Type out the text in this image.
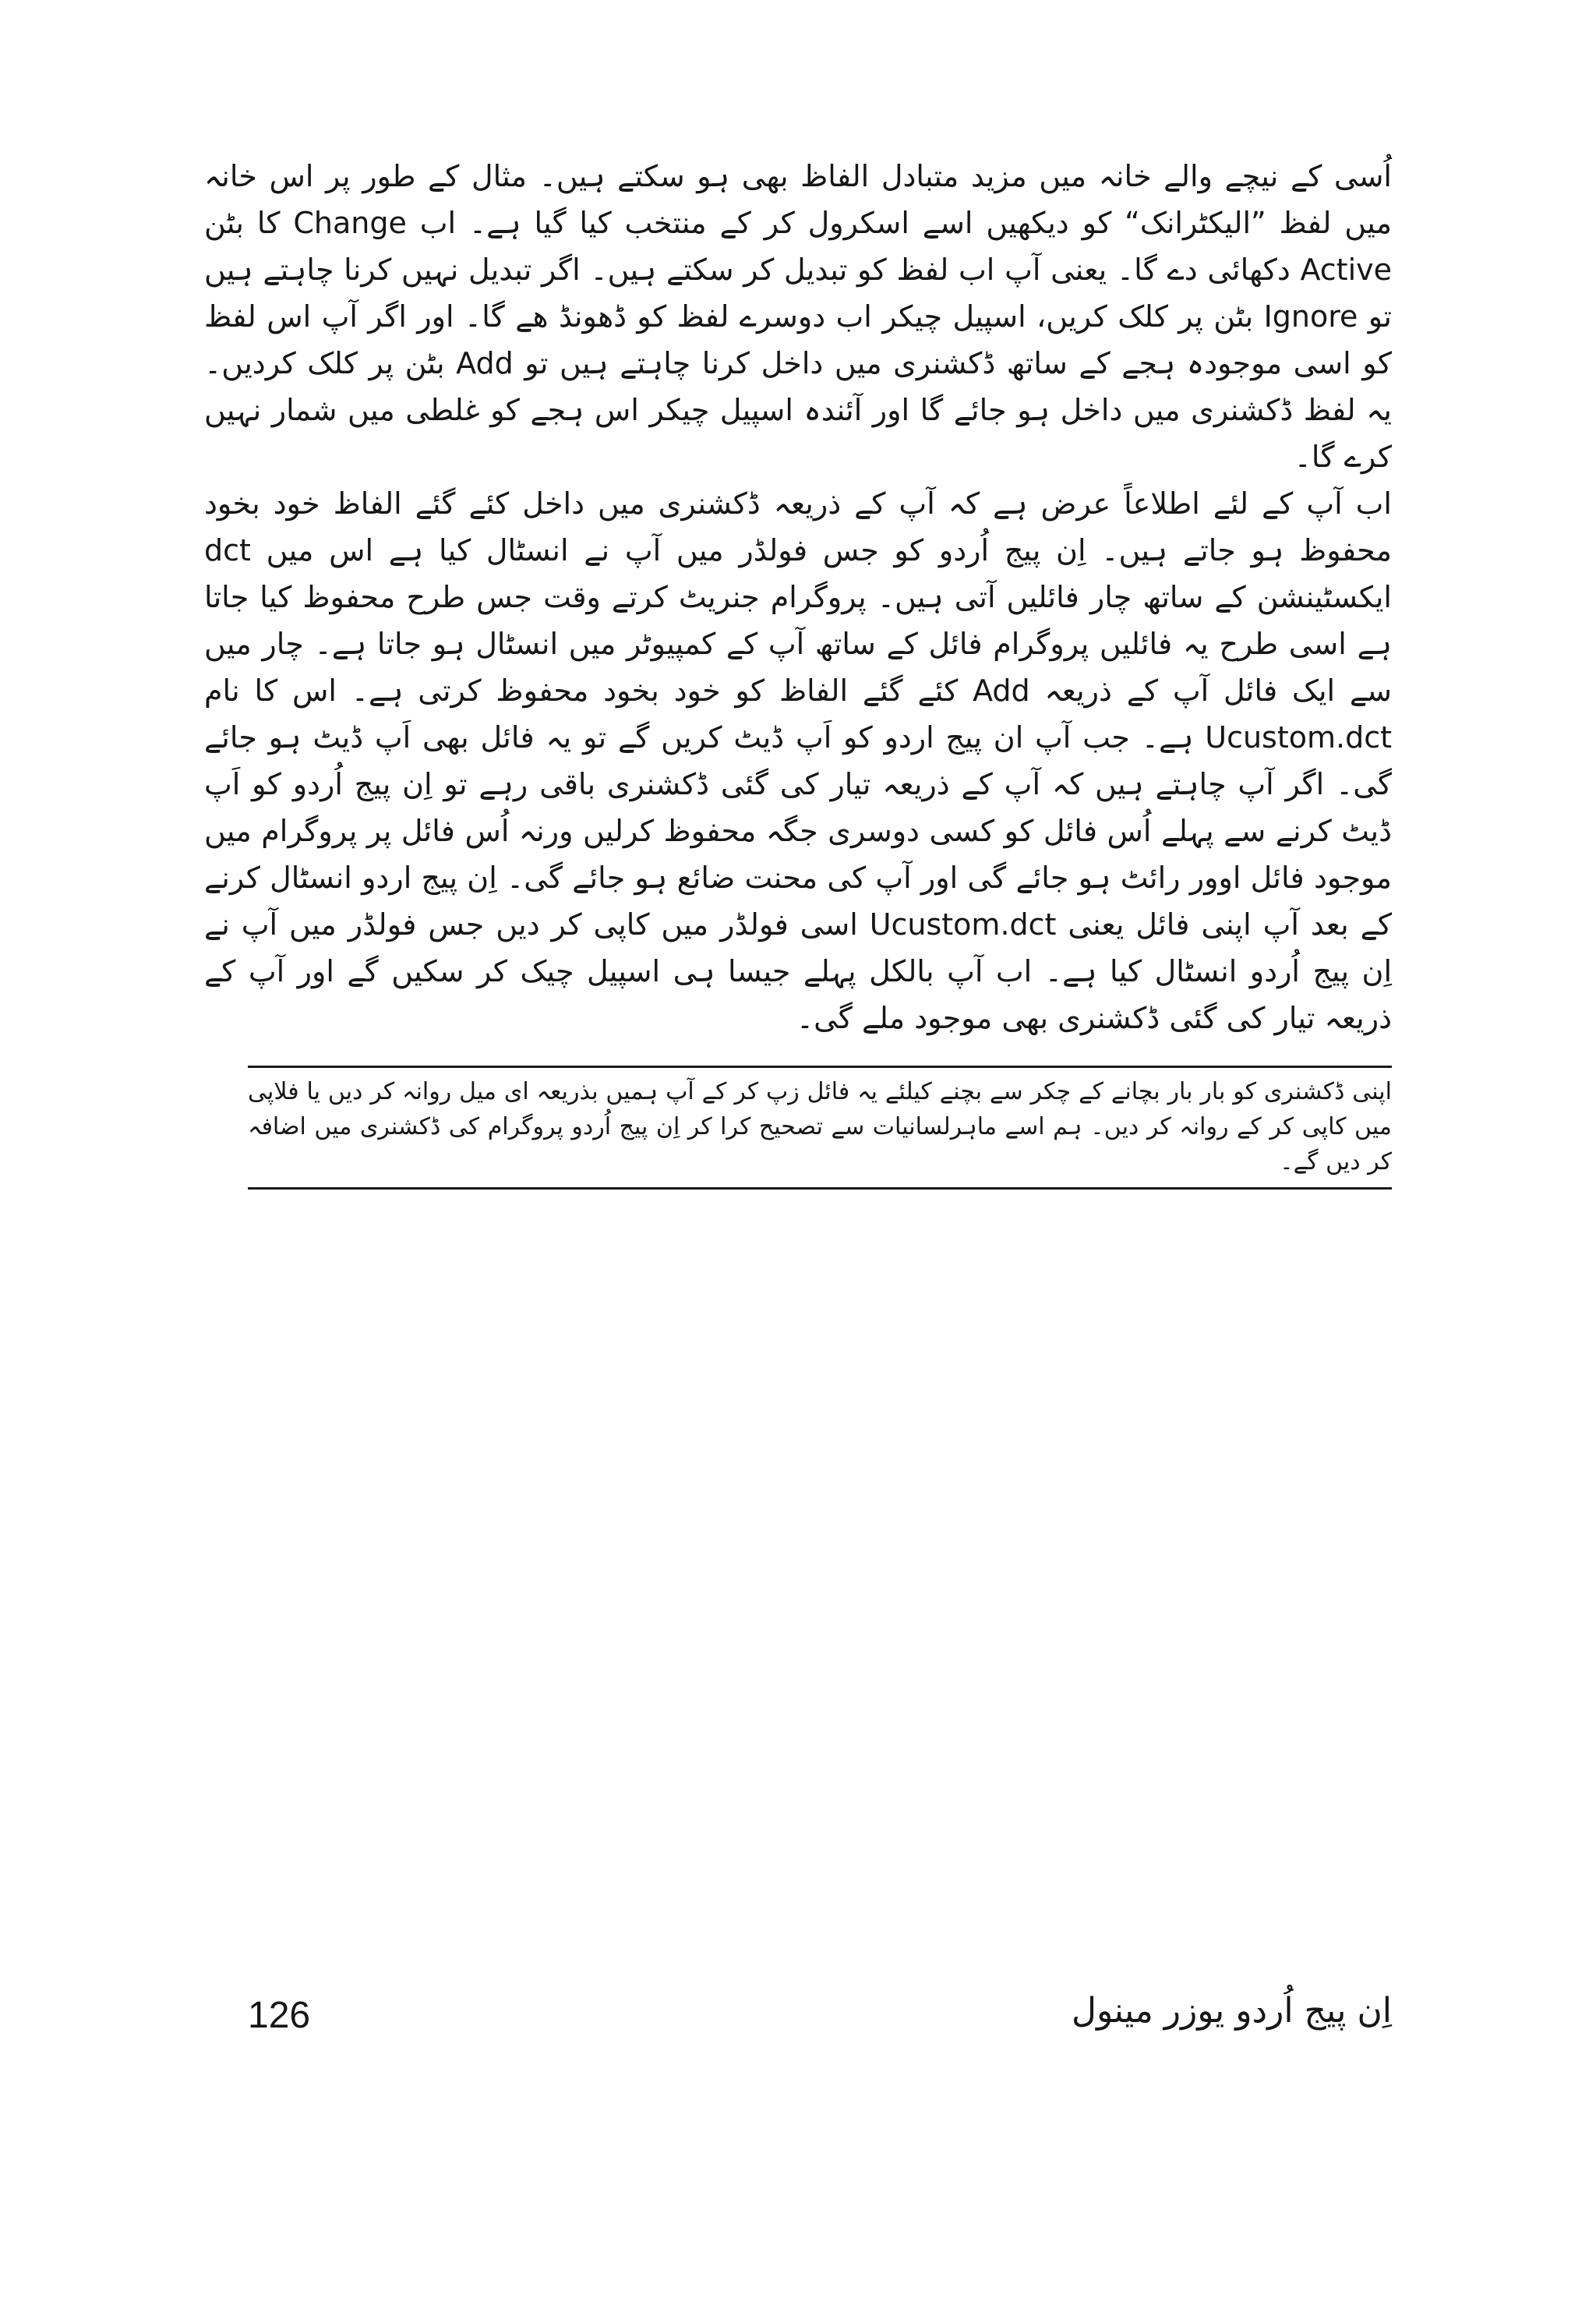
اُسی کے نیچے والے خانہ میں مزید متبادل الفاظ بھی ہو سکتے ہیں۔ مثال کے طور پر اس خانہ میں لفظ ”الیکٹرانک“ کو دیکھیں اسے اسکرول کر کے منتخب کیا گیا ہے۔ اب Change کا بٹن Active دکھائی دے گا۔ یعنی آپ اب لفظ کو تبدیل کر سکتے ہیں۔ اگر تبدیل نہیں کرنا چاہتے ہیں تو Ignore بٹن پر کلک کریں، اسپیل چیکر اب دوسرے لفظ کو ڈھونڈ ھے گا۔ اور اگر آپ اس لفظ کو اسی موجودہ ہجے کے ساتھ ڈکشنری میں داخل کرنا چاہتے ہیں تو Add بٹن پر کلک کردیں۔ یہ لفظ ڈکشنری میں داخل ہو جائے گا اور آئندہ اسپیل چیکر اس ہجے کو غلطی میں شمار نہیں کرے گا۔

اب آپ کے لئے اطلاعاً عرض ہے کہ آپ کے ذریعہ ڈکشنری میں داخل کئے گئے الفاظ خود بخود محفوظ ہو جاتے ہیں۔ اِن پیج اُردو کو جس فولڈر میں آپ نے انسٹال کیا ہے اس میں dct ایکسٹینشن کے ساتھ چار فائلیں آتی ہیں۔ پروگرام جنریٹ کرتے وقت جس طرح محفوظ کیا جاتا ہے اسی طرح یہ فائلیں پروگرام فائل کے ساتھ آپ کے کمپیوٹر میں انسٹال ہو جاتا ہے۔ چار میں سے ایک فائل آپ کے ذریعہ Add کئے گئے الفاظ کو خود بخود محفوظ کرتی ہے۔ اس کا نام Ucustom.dct ہے۔ جب آپ ان پیج اردو کو اَپ ڈیٹ کریں گے تو یہ فائل بھی اَپ ڈیٹ ہو جائے گی۔ اگر آپ چاہتے ہیں کہ آپ کے ذریعہ تیار کی گئی ڈکشنری باقی رہے تو اِن پیج اُردو کو اَپ ڈیٹ کرنے سے پہلے اُس فائل کو کسی دوسری جگہ محفوظ کرلیں ورنہ اُس فائل پر پروگرام میں موجود فائل اوور رائٹ ہو جائے گی اور آپ کی محنت ضائع ہو جائے گی۔ اِن پیج اردو انسٹال کرنے کے بعد آپ اپنی فائل یعنی Ucustom.dct اسی فولڈر میں کاپی کر دیں جس فولڈر میں آپ نے اِن پیج اُردو انسٹال کیا ہے۔ اب آپ بالکل پہلے جیسا ہی اسپیل چیک کر سکیں گے اور آپ کے ذریعہ تیار کی گئی ڈکشنری بھی موجود ملے گی۔

اپنی ڈکشنری کو بار بار بچانے کے چکر سے بچنے کیلئے یہ فائل زپ کر کے آپ ہمیں بذریعہ ای میل روانہ کر دیں یا فلاپی میں کاپی کر کے روانہ کر دیں۔ ہم اسے ماہرلسانیات سے تصحیح کرا کر اِن پیج اُردو پروگرام کی ڈکشنری میں اضافہ کر دیں گے۔
126	اِن پیج اُردو یوزر مینول
